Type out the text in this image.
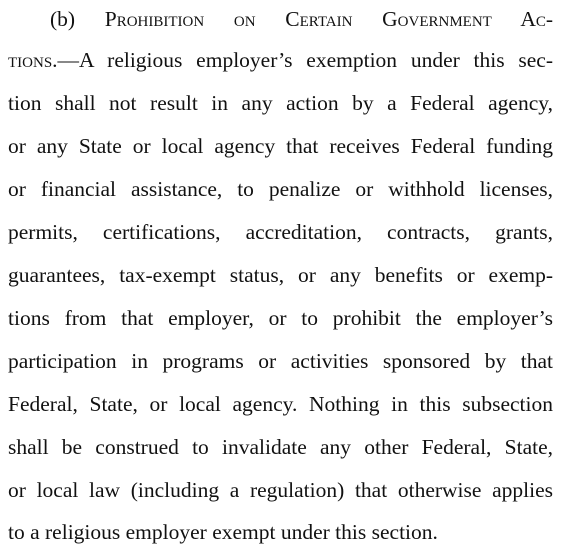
(b) Prohibition on Certain Government Ac-
tions.—A religious employer’s exemption under this sec-
tion shall not result in any action by a Federal agency,
or any State or local agency that receives Federal funding
or financial assistance, to penalize or withhold licenses,
permits, certifications, accreditation, contracts, grants,
guarantees, tax-exempt status, or any benefits or exemp-
tions from that employer, or to prohibit the employer’s
participation in programs or activities sponsored by that
Federal, State, or local agency. Nothing in this subsection
shall be construed to invalidate any other Federal, State,
or local law (including a regulation) that otherwise applies
to a religious employer exempt under this section.
